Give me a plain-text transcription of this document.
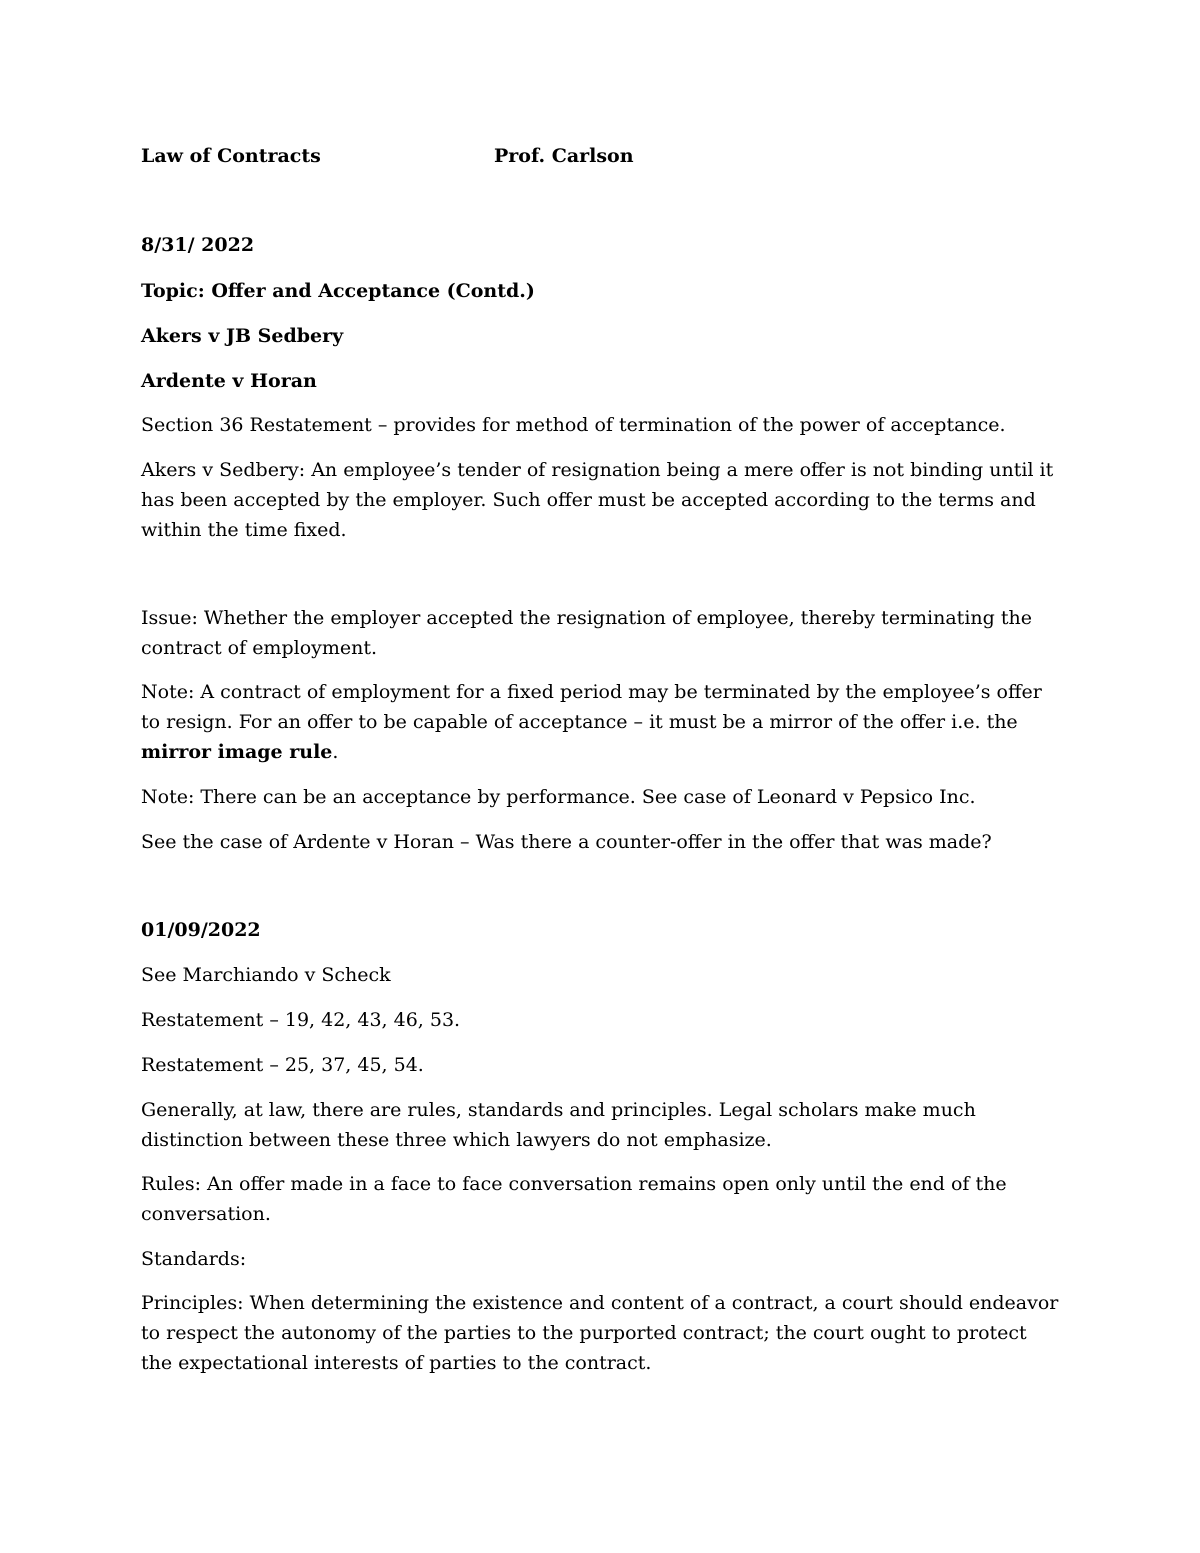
Law of Contracts	Prof. Carlson
8/31/ 2022
Topic: Offer and Acceptance (Contd.)
Akers v JB Sedbery
Ardente v Horan
Section 36 Restatement – provides for method of termination of the power of acceptance.
Akers v Sedbery: An employee’s tender of resignation being a mere offer is not binding until it has been accepted by the employer. Such offer must be accepted according to the terms and within the time fixed.
Issue: Whether the employer accepted the resignation of employee, thereby terminating the contract of employment.
Note: A contract of employment for a fixed period may be terminated by the employee’s offer to resign. For an offer to be capable of acceptance – it must be a mirror of the offer i.e. the mirror image rule.
Note: There can be an acceptance by performance. See case of Leonard v Pepsico Inc.
See the case of Ardente v Horan – Was there a counter-offer in the offer that was made?
01/09/2022
See Marchiando v Scheck
Restatement – 19, 42, 43, 46, 53.
Restatement – 25, 37, 45, 54.
Generally, at law, there are rules, standards and principles. Legal scholars make much distinction between these three which lawyers do not emphasize.
Rules: An offer made in a face to face conversation remains open only until the end of the conversation.
Standards:
Principles: When determining the existence and content of a contract, a court should endeavor to respect the autonomy of the parties to the purported contract; the court ought to protect the expectational interests of parties to the contract.
